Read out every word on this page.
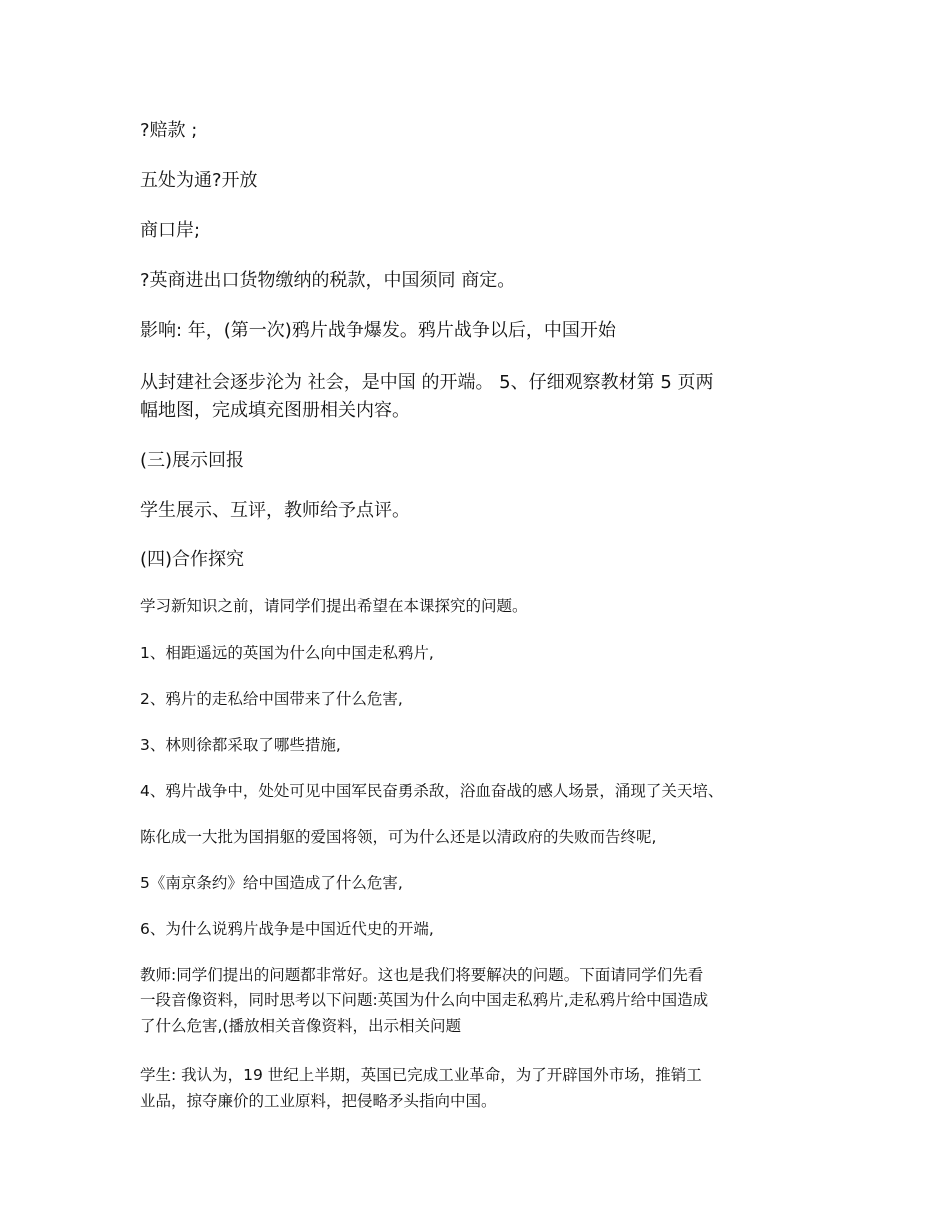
?赔款 ;
五处为通?开放
商口岸;
?英商进出口货物缴纳的税款，中国须同 商定。
影响: 年，(第一次)鸦片战争爆发。鸦片战争以后，中国开始
从封建社会逐步沦为 社会，是中国 的开端。 5、仔细观察教材第 5 页两
幅地图，完成填充图册相关内容。
(三)展示回报
学生展示、互评，教师给予点评。
(四)合作探究
学习新知识之前，请同学们提出希望在本课探究的问题。
1、相距遥远的英国为什么向中国走私鸦片,
2、鸦片的走私给中国带来了什么危害,
3、林则徐都采取了哪些措施,
4、鸦片战争中，处处可见中国军民奋勇杀敌，浴血奋战的感人场景，涌现了关天培、
陈化成一大批为国捐躯的爱国将领，可为什么还是以清政府的失败而告终呢,
5《南京条约》给中国造成了什么危害,
6、为什么说鸦片战争是中国近代史的开端,
教师:同学们提出的问题都非常好。这也是我们将要解决的问题。下面请同学们先看
一段音像资料，同时思考以下问题:英国为什么向中国走私鸦片,走私鸦片给中国造成
了什么危害,(播放相关音像资料，出示相关问题
学生: 我认为，19 世纪上半期，英国已完成工业革命，为了开辟国外市场，推销工
业品，掠夺廉价的工业原料，把侵略矛头指向中国。
